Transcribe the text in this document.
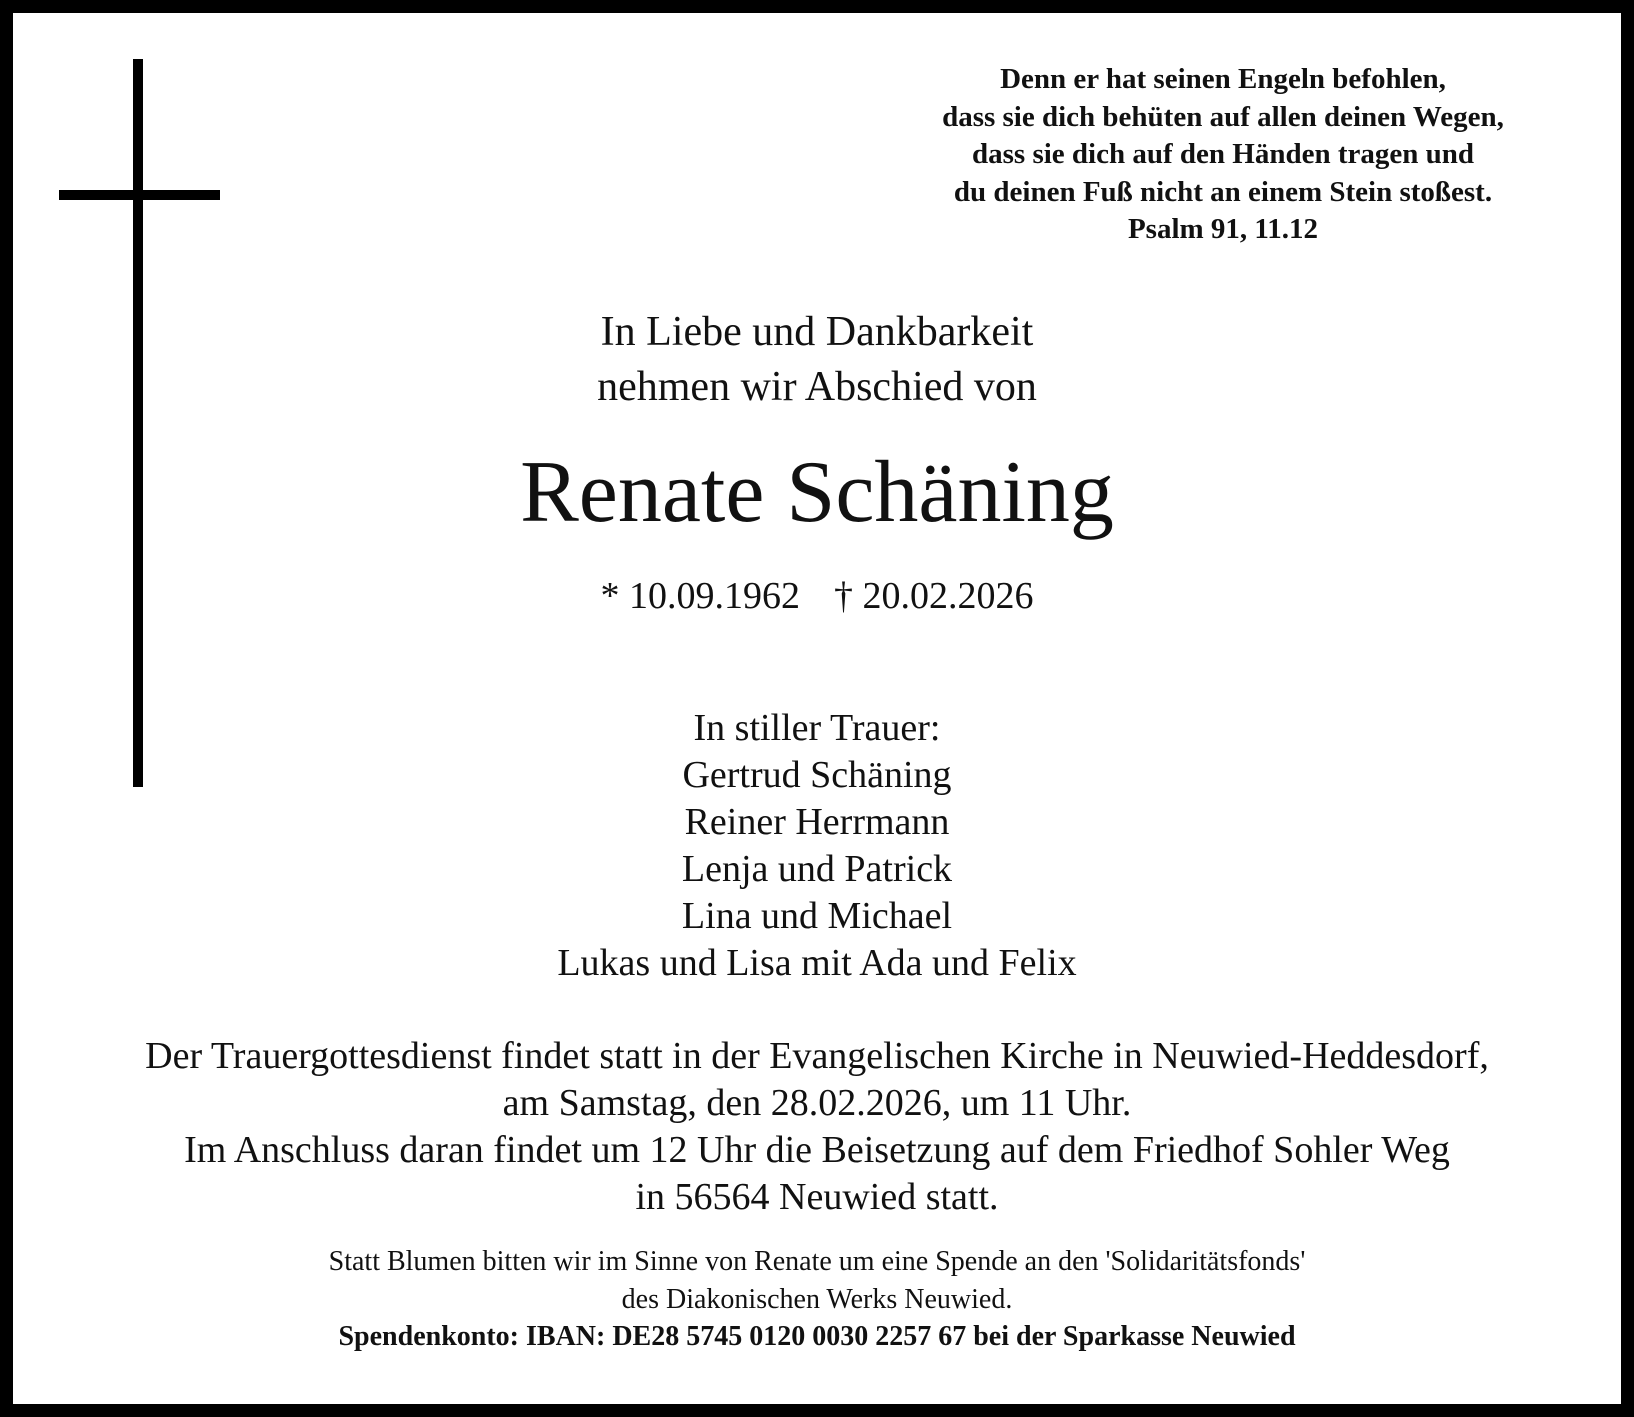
Denn er hat seinen Engeln befohlen,
dass sie dich behüten auf allen deinen Wegen,
dass sie dich auf den Händen tragen und
du deinen Fuß nicht an einem Stein stoßest.
Psalm 91, 11.12
In Liebe und Dankbarkeit
nehmen wir Abschied von
Renate Schäning
* 10.09.1962 † 20.02.2026
In stiller Trauer:
Gertrud Schäning
Reiner Herrmann
Lenja und Patrick
Lina und Michael
Lukas und Lisa mit Ada und Felix
Der Trauergottesdienst findet statt in der Evangelischen Kirche in Neuwied-Heddesdorf,
am Samstag, den 28.02.2026, um 11 Uhr.
Im Anschluss daran findet um 12 Uhr die Beisetzung auf dem Friedhof Sohler Weg
in 56564 Neuwied statt.
Statt Blumen bitten wir im Sinne von Renate um eine Spende an den 'Solidaritätsfonds'
des Diakonischen Werks Neuwied.
Spendenkonto: IBAN: DE28 5745 0120 0030 2257 67 bei der Sparkasse Neuwied
